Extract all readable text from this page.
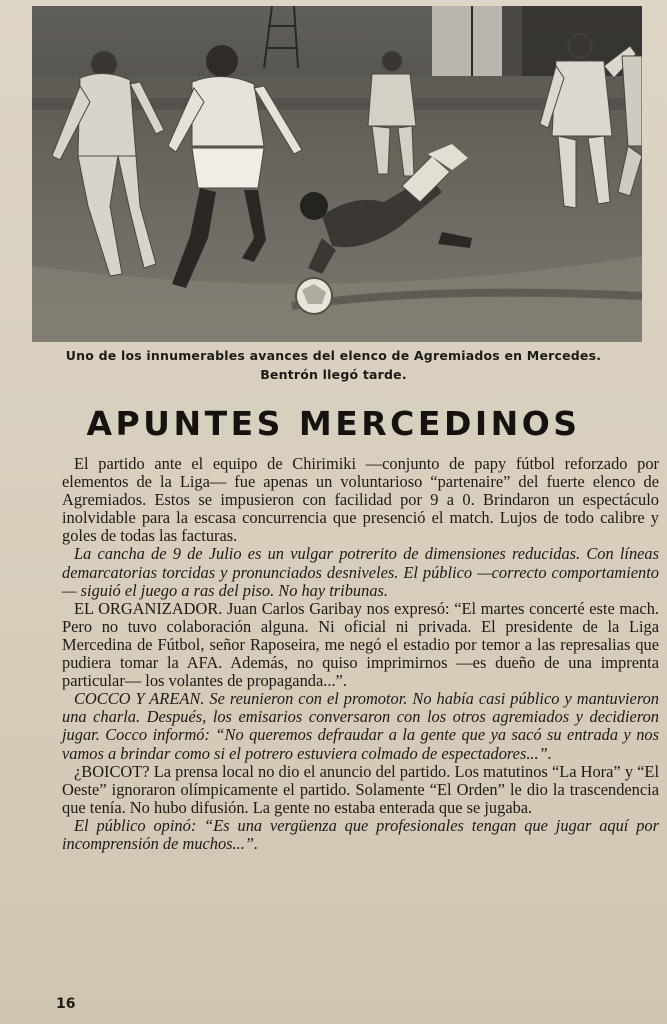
Uno de los innumerables avances del elenco de Agremiados en Mercedes.
Bentrón llegó tarde.
APUNTES MERCEDINOS

El partido ante el equipo de Chirimiki —conjunto de papy fútbol reforzado por elementos de la Liga— fue apenas un voluntarioso “partenaire” del fuerte elenco de Agremiados. Estos se impusieron con facilidad por 9 a 0. Brindaron un espectáculo inolvidable para la escasa concurrencia que presenció el match. Lujos de todo calibre y goles de todas las facturas.

La cancha de 9 de Julio es un vulgar potrerito de dimensiones reducidas. Con líneas demarcatorias torcidas y pronunciados desniveles. El público —correcto comportamiento— siguió el juego a ras del piso. No hay tribunas.

EL ORGANIZADOR. Juan Carlos Garibay nos expresó: “El martes concerté este mach. Pero no tuvo colaboración alguna. Ni oficial ni privada. El presidente de la Liga Mercedina de Fútbol, señor Raposeira, me negó el estadio por temor a las represalias que pudiera tomar la AFA. Además, no quiso imprimirnos —es dueño de una imprenta particular— los volantes de propaganda...”.

COCCO Y AREAN. Se reunieron con el promotor. No había casi público y mantuvieron una charla. Después, los emisarios conversaron con los otros agremiados y decidieron jugar. Cocco informó: “No queremos defraudar a la gente que ya sacó su entrada y nos vamos a brindar como si el potrero estuviera colmado de espectadores...”.

¿BOICOT? La prensa local no dio el anuncio del partido. Los matutinos “La Hora” y “El Oeste” ignoraron olímpicamente el partido. Solamente “El Orden” le dio la trascendencia que tenía. No hubo difusión. La gente no estaba enterada que se jugaba.

El público opinó: “Es una vergüenza que profesionales tengan que jugar aquí por incomprensión de muchos...”.

16
